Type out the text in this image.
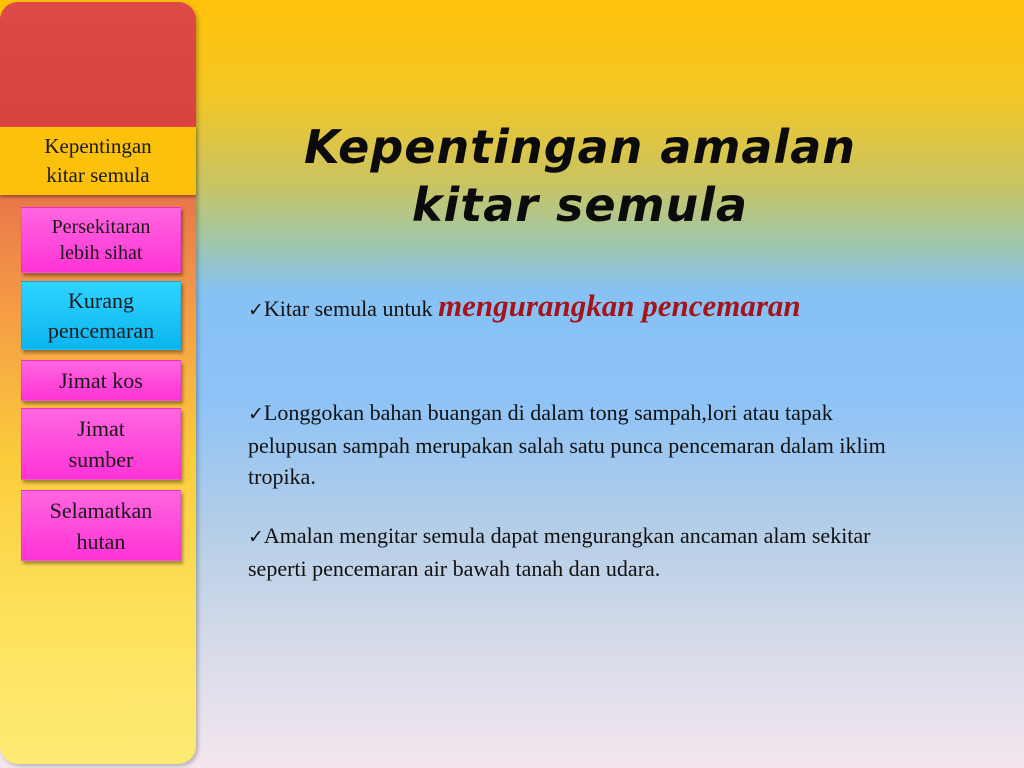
Kepentingan kitar semula
Persekitaran lebih sihat
Kurang pencemaran
Jimat kos
Jimat sumber
Selamatkan hutan
Kepentingan amalan kitar semula
✓Kitar semula untuk mengurangkan pencemaran
✓Longgokan bahan buangan di dalam tong sampah,lori atau tapak pelupusan sampah merupakan salah satu punca pencemaran dalam iklim tropika.
✓Amalan mengitar semula dapat mengurangkan ancaman alam sekitar seperti pencemaran air bawah tanah dan udara.
